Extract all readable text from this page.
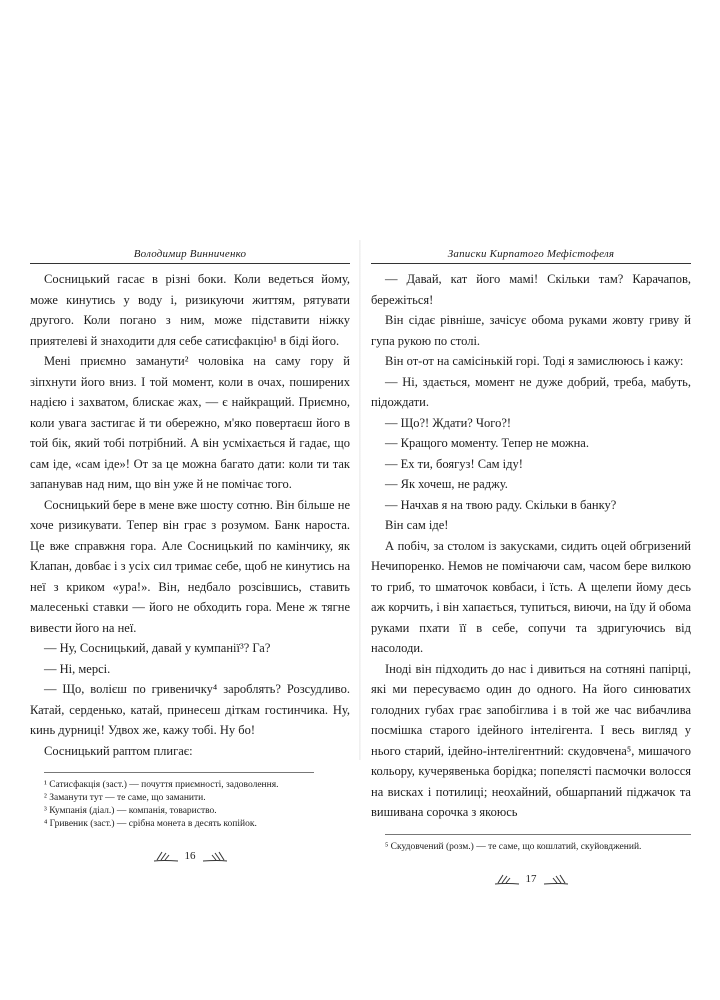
Володимир Винниченко

Сосницький гасає в різні боки. Коли ведеться йому, може кинутись у воду і, ризикуючи життям, рятувати другого. Коли погано з ним, може підставити ніжку приятелеві й знаходити для себе сатисфакцію¹ в біді його.

Мені приємно заманути² чоловіка на саму гору й зіпхнути його вниз. І той момент, коли в очах, поширених надією і захватом, блискає жах, — є найкращий. Приємно, коли увага застигає й ти обережно, м'яко повертаєш його в той бік, який тобі потрібний. А він усміхається й гадає, що сам іде, «сам іде»! От за це можна багато дати: коли ти так запанував над ним, що він уже й не помічає того.

Сосницький бере в мене вже шосту сотню. Він більше не хоче ризикувати. Тепер він грає з розумом. Банк нароста. Це вже справжня гора. Але Сосницький по камінчику, як Клапан, довбає і з усіх сил тримає себе, щоб не кинутись на неї з криком «ура!». Він, недбало розсівшись, ставить малесенькі ставки — його не обходить гора. Мене ж тягне вивести його на неї.

— Ну, Сосницький, давай у кумпанії³? Га?

— Ні, мерсі.

— Що, волієш по гривеничку⁴ зароблять? Розсудливо. Катай, серденько, катай, принесеш діткам гостинчика. Ну, кинь дурниці! Удвох же, кажу тобі. Ну бо!

Сосницький раптом плигає:

¹ Сатисфакція (заст.) — почуття приємності, задоволення.

² Заманути тут — те саме, що заманити.

³ Кумпанія (діал.) — компанія, товариство.

⁴ Гривеник (заст.) — срібна монета в десять копійок.

16
Записки Кирпатого Мефістофеля

— Давай, кат його мамі! Скільки там? Карачапов, бережіться!

Він сідає рівніше, зачісує обома руками жовту гриву й гупа рукою по столі.

Він от-от на самісінькій горі. Тоді я замислююсь і кажу:

— Ні, здається, момент не дуже добрий, треба, мабуть, підождати.

— Що?! Ждати? Чого?!

— Кращого моменту. Тепер не можна.

— Ех ти, боягуз! Сам іду!

— Як хочеш, не раджу.

— Начхав я на твою раду. Скільки в банку?

Він сам іде!

А побіч, за столом із закусками, сидить оцей обгризений Нечипоренко. Немов не помічаючи сам, часом бере вилкою то гриб, то шматочок ковбаси, і їсть. А щелепи йому десь аж корчить, і він хапається, тупиться, виючи, на їду й обома руками пхати її в себе, сопучи та здригуючись від насолоди.

Іноді він підходить до нас і дивиться на сотняні папірці, які ми пересуваємо один до одного. На його синюватих голодних губах грає запобіглива і в той же час вибачлива посмішка старого ідейного інтелігента. І весь вигляд у нього старий, ідейно-інтелігентний: скудовчена⁵, мишачого кольору, кучерявенька борідка; попелясті пасмочки волосся на висках і потилиці; неохайний, обшарпаний піджачок та вишивана сорочка з якоюсь

⁵ Скудовчений (розм.) — те саме, що кошлатий, скуйовджений.

17
